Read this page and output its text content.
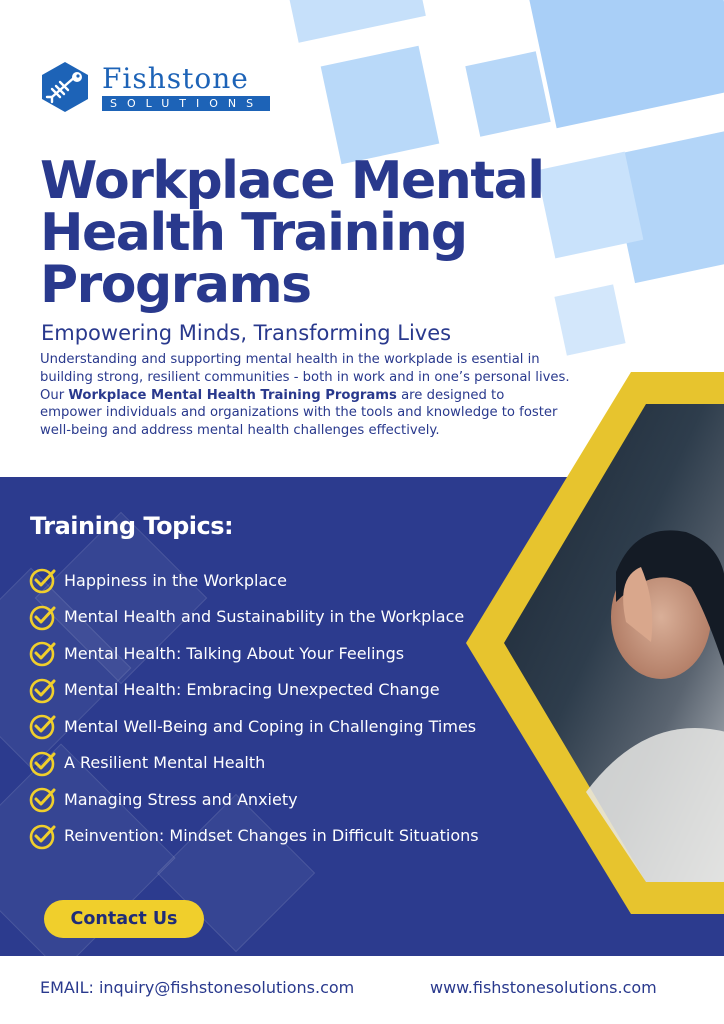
Fishstone
SOLUTIONS
Workplace Mental Health Training Programs
Empowering Minds, Transforming Lives
Understanding and supporting mental health in the workplade is esential in building strong, resilient communities - both in work and in one’s personal lives. Our Workplace Mental Health Training Programs are designed to empower individuals and organizations with the tools and knowledge to foster well-being and address mental health challenges effectively.
Training Topics:
Happiness in the Workplace
Mental Health and Sustainability in the Workplace
Mental Health: Talking About Your Feelings
Mental Health: Embracing Unexpected Change
Mental Well-Being and Coping in Challenging Times
A Resilient Mental Health
Managing Stress and Anxiety
Reinvention: Mindset Changes in Difficult Situations
Contact Us
EMAIL: inquiry@fishstonesolutions.com	www.fishstonesolutions.com
